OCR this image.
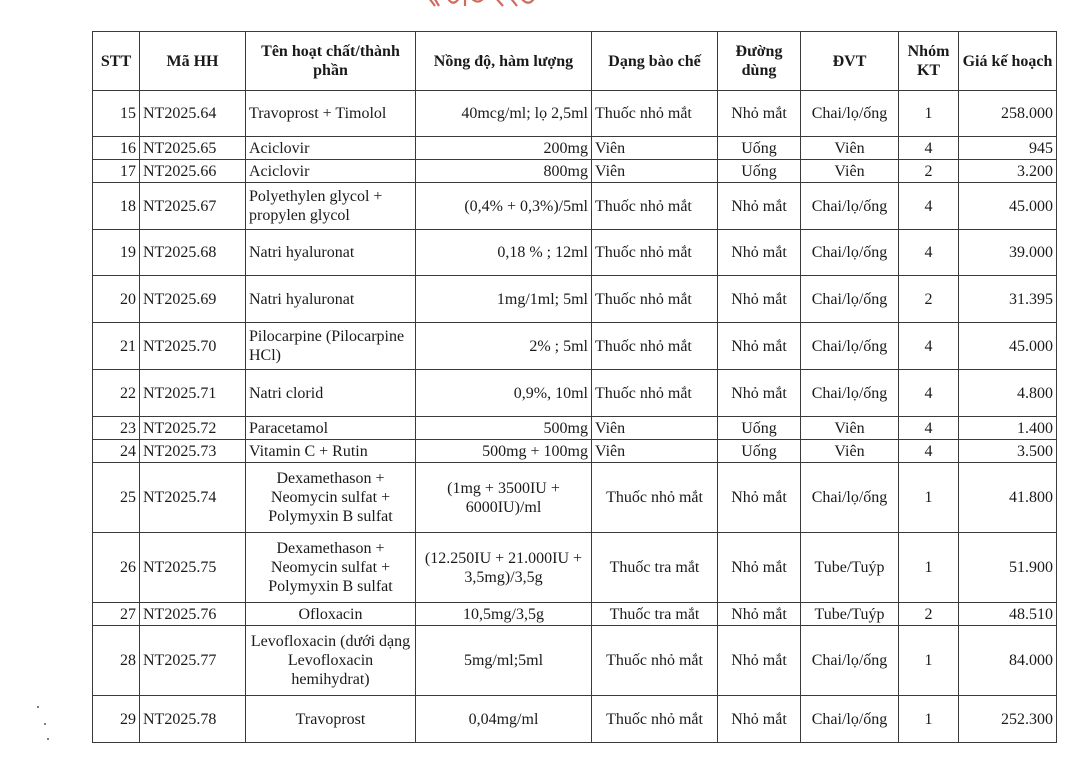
STT	Mã HH	Tên hoạt chất/thành phần	Nồng độ, hàm lượng	Dạng bào chế	Đường dùng	ĐVT	Nhóm KT	Giá kế hoạch
15	NT2025.64	Travoprost + Timolol	40mcg/ml; lọ 2,5ml	Thuốc nhỏ mắt	Nhỏ mắt	Chai/lọ/ống	1	258.000
16	NT2025.65	Aciclovir	200mg	Viên	Uống	Viên	4	945
17	NT2025.66	Aciclovir	800mg	Viên	Uống	Viên	2	3.200
18	NT2025.67	Polyethylen glycol + propylen glycol	(0,4% + 0,3%)/5ml	Thuốc nhỏ mắt	Nhỏ mắt	Chai/lọ/ống	4	45.000
19	NT2025.68	Natri hyaluronat	0,18 % ; 12ml	Thuốc nhỏ mắt	Nhỏ mắt	Chai/lọ/ống	4	39.000
20	NT2025.69	Natri hyaluronat	1mg/1ml; 5ml	Thuốc nhỏ mắt	Nhỏ mắt	Chai/lọ/ống	2	31.395
21	NT2025.70	Pilocarpine (Pilocarpine HCl)	2% ; 5ml	Thuốc nhỏ mắt	Nhỏ mắt	Chai/lọ/ống	4	45.000
22	NT2025.71	Natri clorid	0,9%, 10ml	Thuốc nhỏ mắt	Nhỏ mắt	Chai/lọ/ống	4	4.800
23	NT2025.72	Paracetamol	500mg	Viên	Uống	Viên	4	1.400
24	NT2025.73	Vitamin C + Rutin	500mg + 100mg	Viên	Uống	Viên	4	3.500
25	NT2025.74	Dexamethason + Neomycin sulfat + Polymyxin B sulfat	(1mg + 3500IU + 6000IU)/ml	Thuốc nhỏ mắt	Nhỏ mắt	Chai/lọ/ống	1	41.800
26	NT2025.75	Dexamethason + Neomycin sulfat + Polymyxin B sulfat	(12.250IU + 21.000IU + 3,5mg)/3,5g	Thuốc tra mắt	Nhỏ mắt	Tube/Tuýp	1	51.900
27	NT2025.76	Ofloxacin	10,5mg/3,5g	Thuốc tra mắt	Nhỏ mắt	Tube/Tuýp	2	48.510
28	NT2025.77	Levofloxacin (dưới dạng Levofloxacin hemihydrat)	5mg/ml;5ml	Thuốc nhỏ mắt	Nhỏ mắt	Chai/lọ/ống	1	84.000
29	NT2025.78	Travoprost	0,04mg/ml	Thuốc nhỏ mắt	Nhỏ mắt	Chai/lọ/ống	1	252.300
